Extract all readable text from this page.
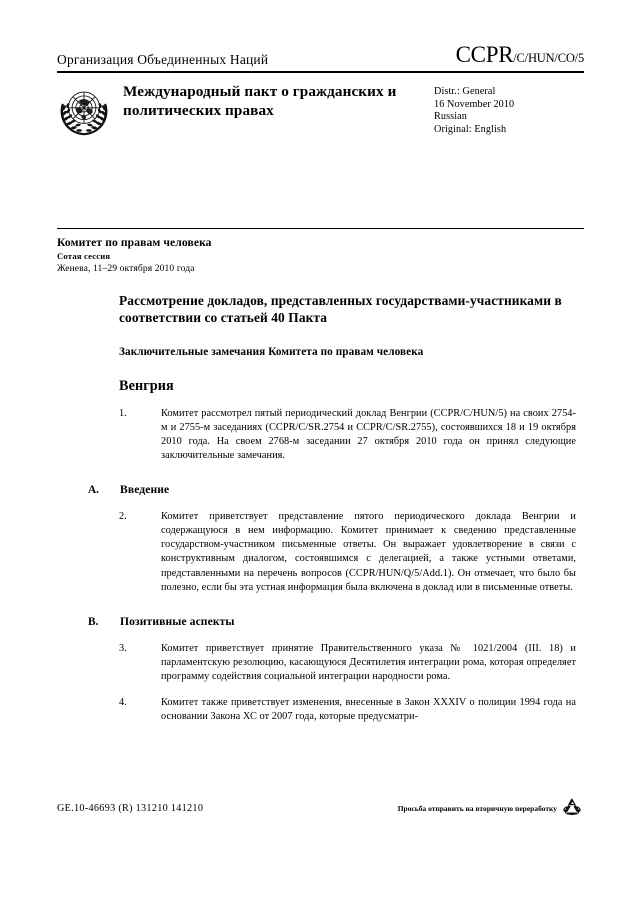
Организация Объединенных Наций	CCPR/C/HUN/CO/5
Международный пакт о гражданских и политических правах
Distr.: General
16 November 2010
Russian
Original: English
Комитет по правам человека
Сотая сессия
Женева, 11–29 октября 2010 года
Рассмотрение докладов, представленных государствами-участниками в соответствии со статьей 40 Пакта
Заключительные замечания Комитета по правам человека
Венгрия
1.	Комитет рассмотрел пятый периодический доклад Венгрии (CCPR/C/HUN/5) на своих 2754-м и 2755-м заседаниях (CCPR/C/SR.2754 и CCPR/C/SR.2755), состоявшихся 18 и 19 октября 2010 года. На своем 2768-м заседании 27 октября 2010 года он принял следующие заключительные замечания.

A.	Введение
2.	Комитет приветствует представление пятого периодического доклада Венгрии и содержащуюся в нем информацию. Комитет принимает к сведению представленные государством-участником письменные ответы. Он выражает удовлетворение в связи с конструктивным диалогом, состоявшимся с делегацией, а также устными ответами, представленными на перечень вопросов (CCPR/HUN/Q/5/Add.1). Он отмечает, что было бы полезно, если бы эта устная информация была включена в доклад или в письменные ответы.

B.	Позитивные аспекты
3.	Комитет приветствует принятие Правительственного указа № 1021/2004 (III. 18) и парламентскую резолюцию, касающуюся Десятилетия интеграции рома, которая определяет программу содействия социальной интеграции народности рома.

4.	Комитет также приветствует изменения, внесенные в Закон XXXIV о полиции 1994 года на основании Закона ХС от 2007 года, которые предусматри-

GE.10-46693 (R) 131210 141210	Просьба отправить на вторичную переработку
